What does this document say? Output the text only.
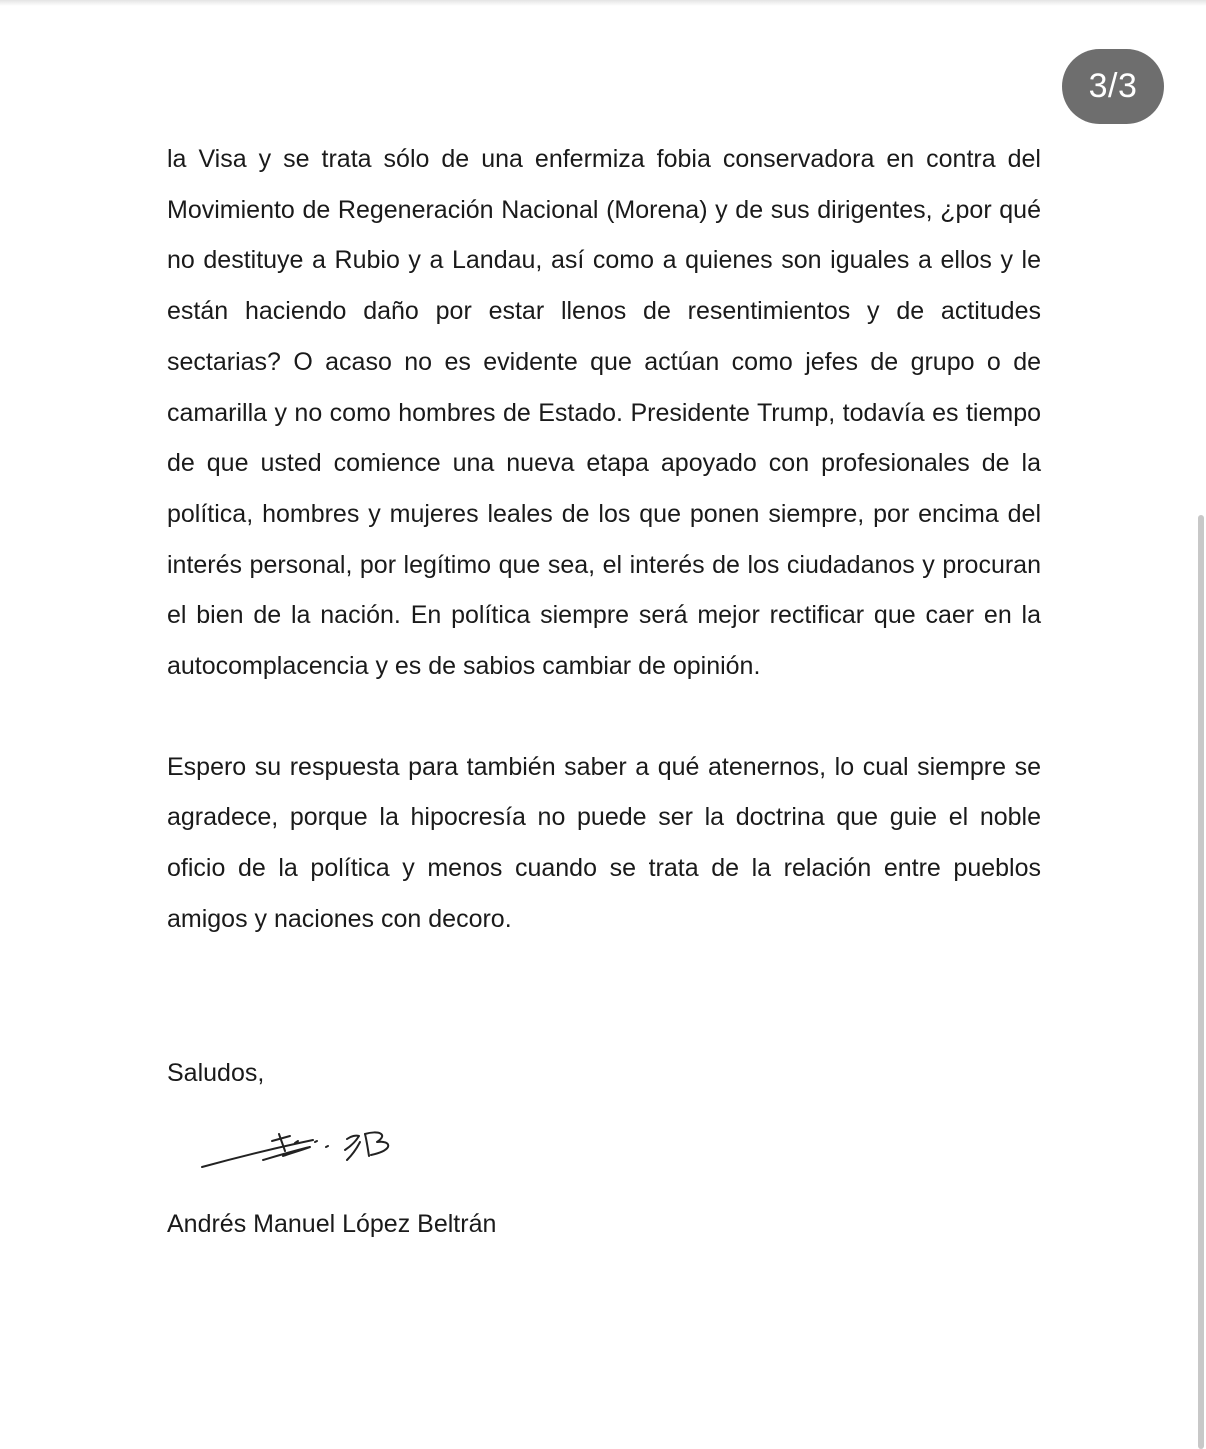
3/3

la Visa y se trata sólo de una enfermiza fobia conservadora en contra del Movimiento de Regeneración Nacional (Morena) y de sus dirigentes, ¿por qué no destituye a Rubio y a Landau, así como a quienes son iguales a ellos y le están haciendo daño por estar llenos de resentimientos y de actitudes sectarias? O acaso no es evidente que actúan como jefes de grupo o de camarilla y no como hombres de Estado. Presidente Trump, todavía es tiempo de que usted comience una nueva etapa apoyado con profesionales de la política, hombres y mujeres leales de los que ponen siempre, por encima del interés personal, por legítimo que sea, el interés de los ciudadanos y procuran el bien de la nación. En política siempre será mejor rectificar que caer en la autocomplacencia y es de sabios cambiar de opinión.

Espero su respuesta para también saber a qué atenernos, lo cual siempre se agradece, porque la hipocresía no puede ser la doctrina que guie el noble oficio de la política y menos cuando se trata de la relación entre pueblos amigos y naciones con decoro.

Saludos,

Andrés Manuel López Beltrán
